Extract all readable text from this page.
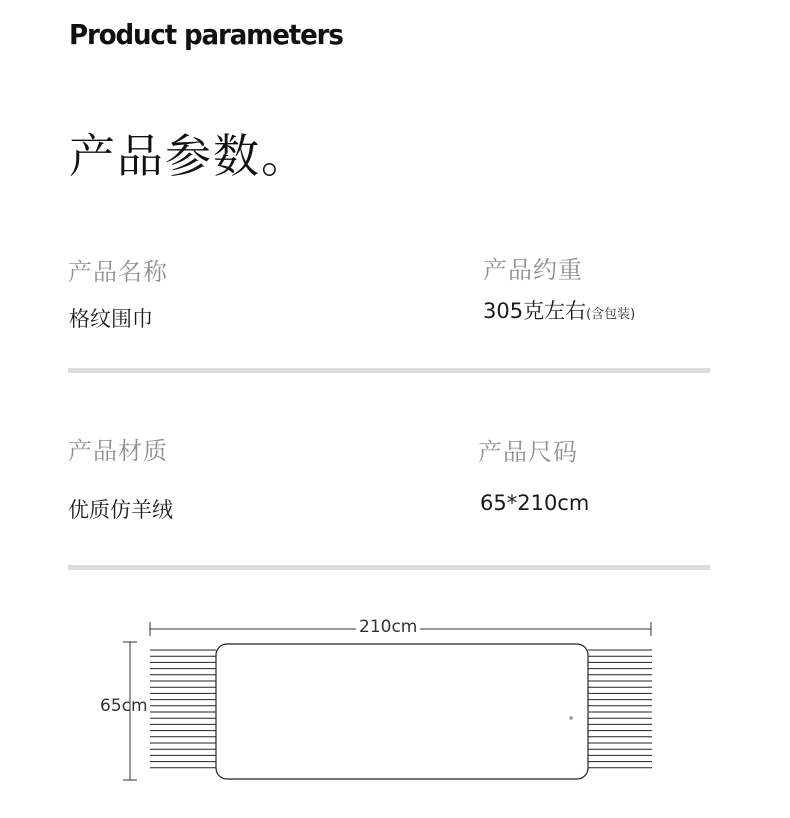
Product parameters
产品参数。
产品名称
格纹围巾
产品约重
305克左右(含包装)
产品材质
优质仿羊绒
产品尺码
65*210cm
210cm
65cm
